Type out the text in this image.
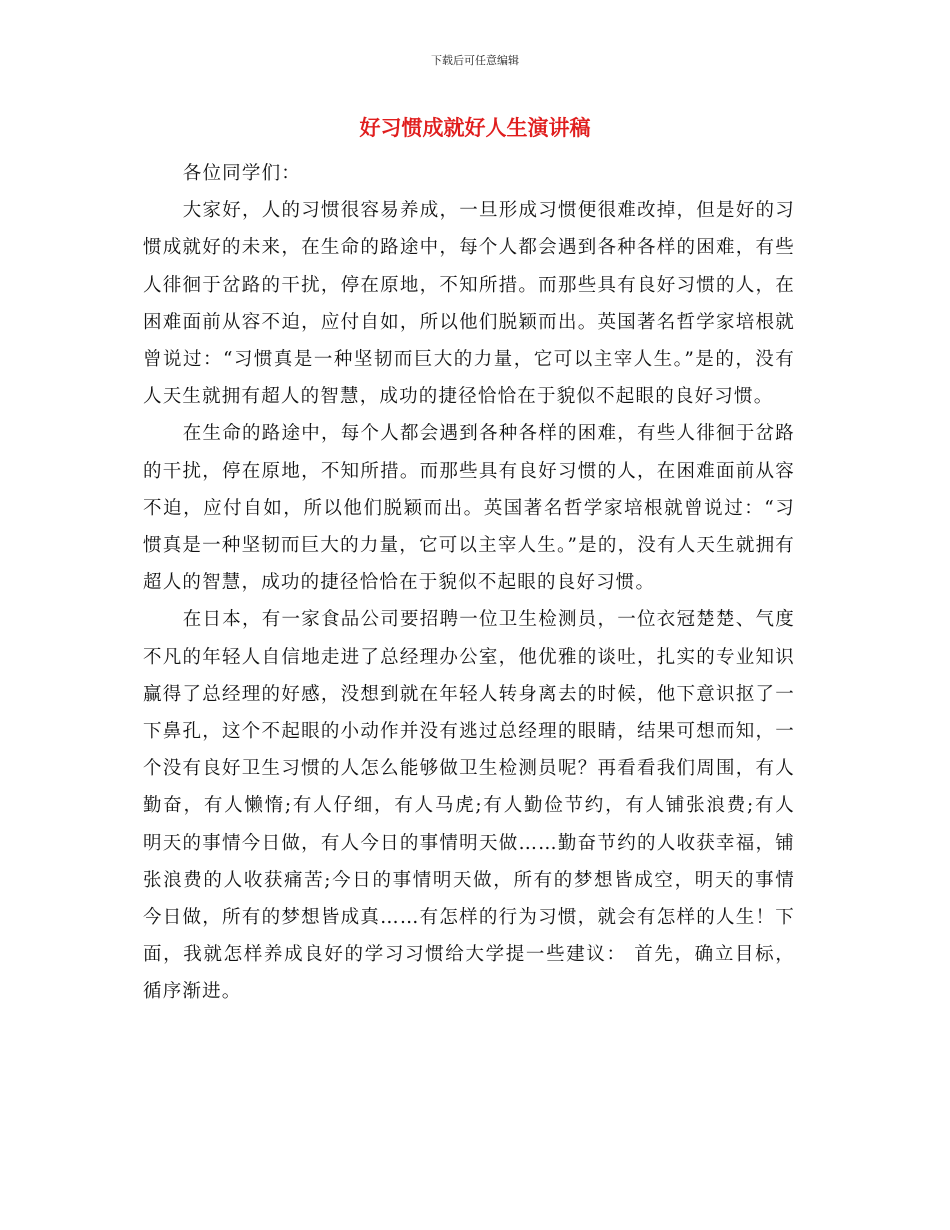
下载后可任意编辑
好习惯成就好人生演讲稿

各位同学们：

大家好，人的习惯很容易养成，一旦形成习惯便很难改掉，但是好的习惯成就好的未来，在生命的路途中，每个人都会遇到各种各样的困难，有些人徘徊于岔路的干扰，停在原地，不知所措。而那些具有良好习惯的人，在困难面前从容不迫，应付自如，所以他们脱颖而出。英国著名哲学家培根就曾说过：“习惯真是一种坚韧而巨大的力量，它可以主宰人生。”是的，没有人天生就拥有超人的智慧，成功的捷径恰恰在于貌似不起眼的良好习惯。

在生命的路途中，每个人都会遇到各种各样的困难，有些人徘徊于岔路的干扰，停在原地，不知所措。而那些具有良好习惯的人，在困难面前从容不迫，应付自如，所以他们脱颖而出。英国著名哲学家培根就曾说过：“习惯真是一种坚韧而巨大的力量，它可以主宰人生。”是的，没有人天生就拥有超人的智慧，成功的捷径恰恰在于貌似不起眼的良好习惯。

在日本，有一家食品公司要招聘一位卫生检测员，一位衣冠楚楚、气度不凡的年轻人自信地走进了总经理办公室，他优雅的谈吐，扎实的专业知识赢得了总经理的好感，没想到就在年轻人转身离去的时候，他下意识抠了一下鼻孔，这个不起眼的小动作并没有逃过总经理的眼睛，结果可想而知，一个没有良好卫生习惯的人怎么能够做卫生检测员呢？再看看我们周围，有人勤奋，有人懒惰;有人仔细，有人马虎;有人勤俭节约，有人铺张浪费;有人明天的事情今日做，有人今日的事情明天做……勤奋节约的人收获幸福，铺张浪费的人收获痛苦;今日的事情明天做，所有的梦想皆成空，明天的事情今日做，所有的梦想皆成真……有怎样的行为习惯，就会有怎样的人生！下面，我就怎样养成良好的学习习惯给大学提一些建议： 首先，确立目标，循序渐进。
